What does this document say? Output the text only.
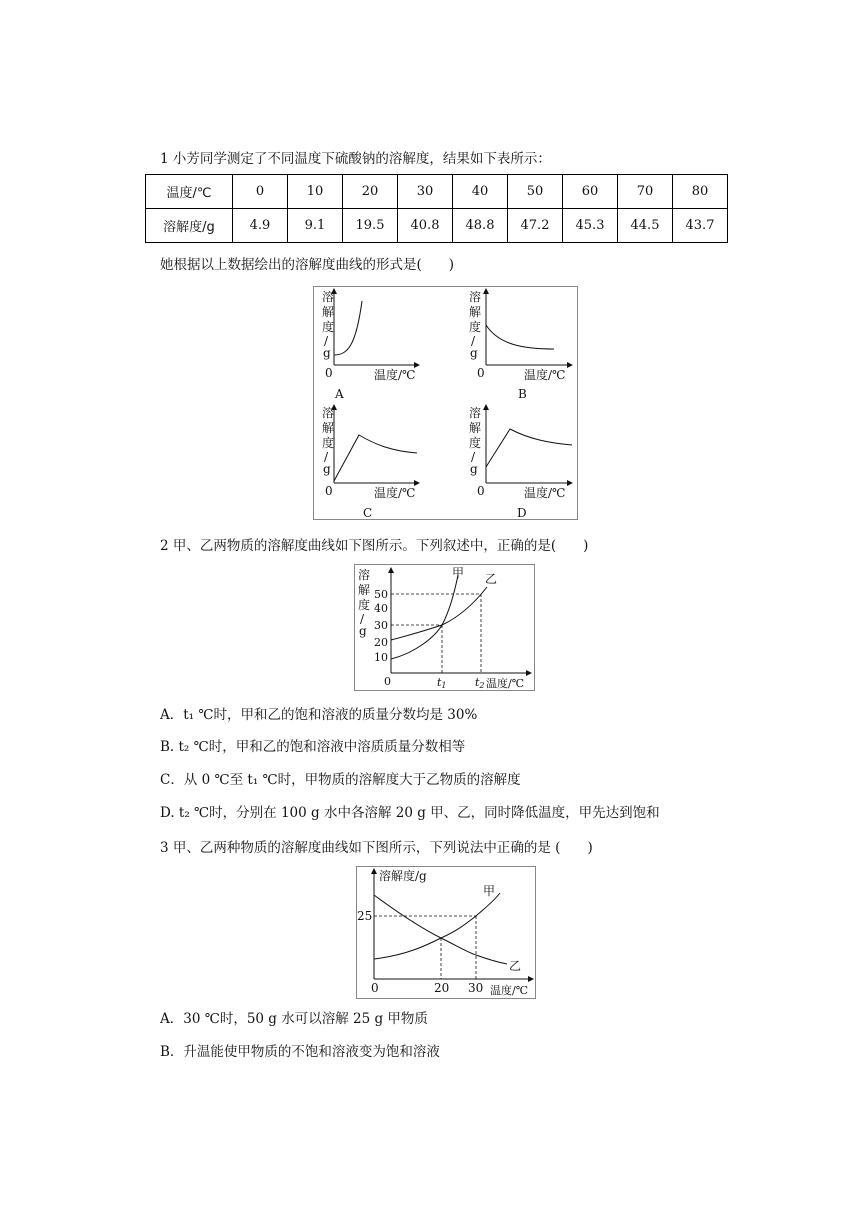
1 小芳同学测定了不同温度下硫酸钠的溶解度，结果如下表所示：
温度/℃	0	10	20	30	40	50	60	70	80
溶解度/g	4.9	9.1	19.5	40.8	48.8	47.2	45.3	44.5	43.7
她根据以上数据绘出的溶解度曲线的形式是(　　)
溶
解
度
/
g
0	温度/℃
A
溶
解
度
/
g
0	温度/℃
B
溶
解
度
/
g
0	温度/℃
C
溶
解
度
/
g
0	温度/℃
D
2 甲、乙两物质的溶解度曲线如下图所示。下列叙述中，正确的是(　　)
溶
解
度
/
g
10
20
30
40
50
甲 乙
0	t1	t2 温度/℃
A．t₁ ℃时，甲和乙的饱和溶液的质量分数均是 30%
B. t₂ ℃时，甲和乙的饱和溶液中溶质质量分数相等
C．从 0 ℃至 t₁ ℃时，甲物质的溶解度大于乙物质的溶解度
D. t₂ ℃时，分别在 100 g 水中各溶解 20 g 甲、乙，同时降低温度，甲先达到饱和
3 甲、乙两种物质的溶解度曲线如下图所示，下列说法中正确的是 (　　)
溶解度/g
25
甲
乙
0	20 30 温度/℃
A．30 ℃时，50 g 水可以溶解 25 g 甲物质
B．升温能使甲物质的不饱和溶液变为饱和溶液
